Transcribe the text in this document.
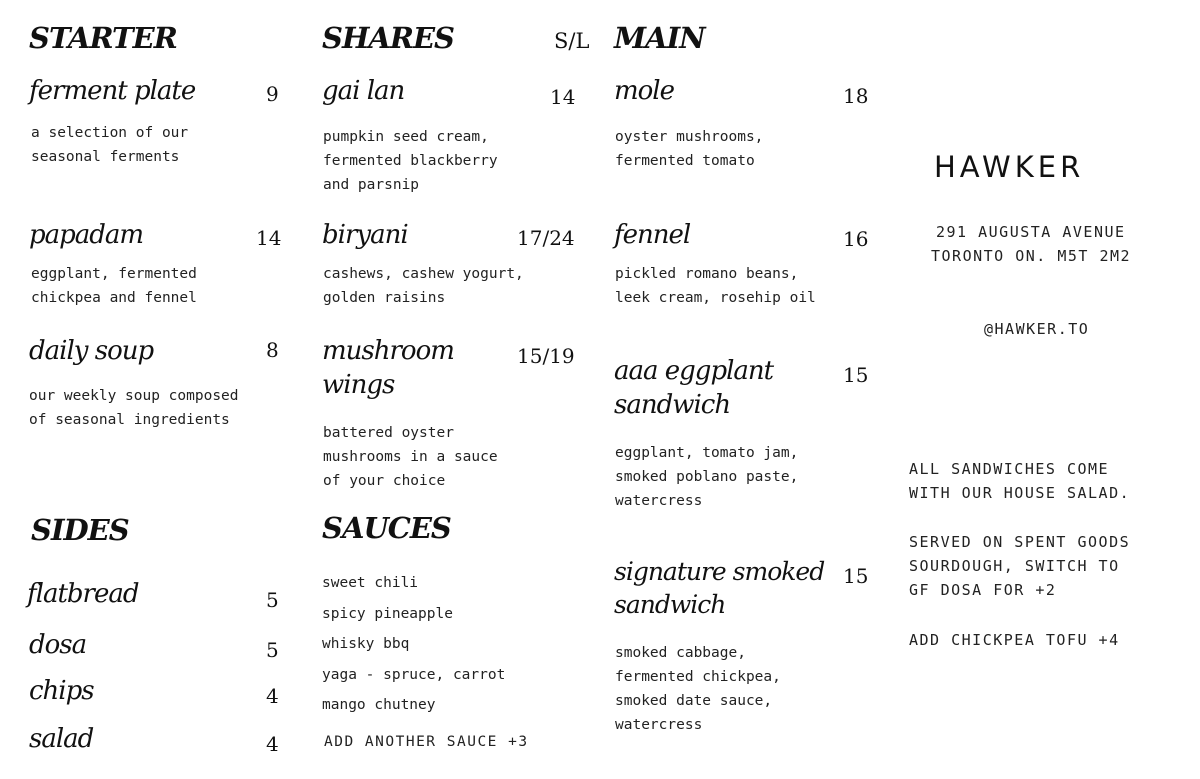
STARTER
ferment plate	9
a selection of our
seasonal ferments
papadam	14
eggplant, fermented
chickpea and fennel
daily soup	8
our weekly soup composed
of seasonal ingredients
SIDES
flatbread	5
dosa	5
chips	4
salad	4
SHARES	S/L
gai lan	14
pumpkin seed cream,
fermented blackberry
and parsnip
biryani	17/24
cashews, cashew yogurt,
golden raisins
mushroom
wings
15/19
battered oyster
mushrooms in a sauce
of your choice
SAUCES
sweet chili
spicy pineapple
whisky bbq
yaga - spruce, carrot
mango chutney
ADD ANOTHER SAUCE +3
MAIN
mole	18
oyster mushrooms,
fermented tomato
fennel	16
pickled romano beans,
leek cream, rosehip oil
aaa eggplant
sandwich
15
eggplant, tomato jam,
smoked poblano paste,
watercress
signature smoked
sandwich
15
smoked cabbage,
fermented chickpea,
smoked date sauce,
watercress
HAWKER
291 AUGUSTA AVENUE
TORONTO ON. M5T 2M2
@HAWKER.TO
ALL SANDWICHES COME
WITH OUR HOUSE SALAD.
SERVED ON SPENT GOODS
SOURDOUGH, SWITCH TO
GF DOSA FOR +2
ADD CHICKPEA TOFU +4
